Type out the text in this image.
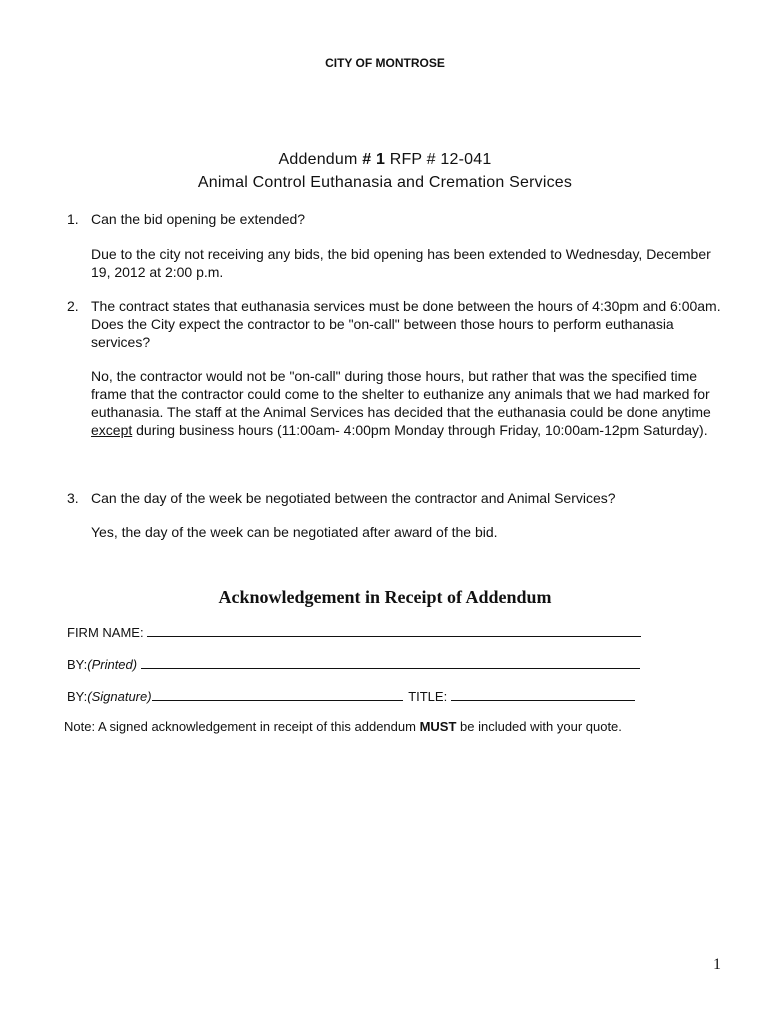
CITY OF MONTROSE
Addendum # 1 RFP # 12-041
Animal Control Euthanasia and Cremation Services
1. Can the bid opening be extended?
Due to the city not receiving any bids, the bid opening has been extended to Wednesday, December 19, 2012 at 2:00 p.m.
2. The contract states that euthanasia services must be done between the hours of 4:30pm and 6:00am. Does the City expect the contractor to be "on-call" between those hours to perform euthanasia services?
No, the contractor would not be "on-call" during those hours, but rather that was the specified time frame that the contractor could come to the shelter to euthanize any animals that we had marked for euthanasia. The staff at the Animal Services has decided that the euthanasia could be done anytime except during business hours (11:00am- 4:00pm Monday through Friday, 10:00am-12pm Saturday).
3. Can the day of the week be negotiated between the contractor and Animal Services?
Yes, the day of the week can be negotiated after award of the bid.
Acknowledgement in Receipt of Addendum
FIRM NAME:
BY:(Printed)
BY:(Signature)	TITLE:
Note: A signed acknowledgement in receipt of this addendum MUST be included with your quote.
1
